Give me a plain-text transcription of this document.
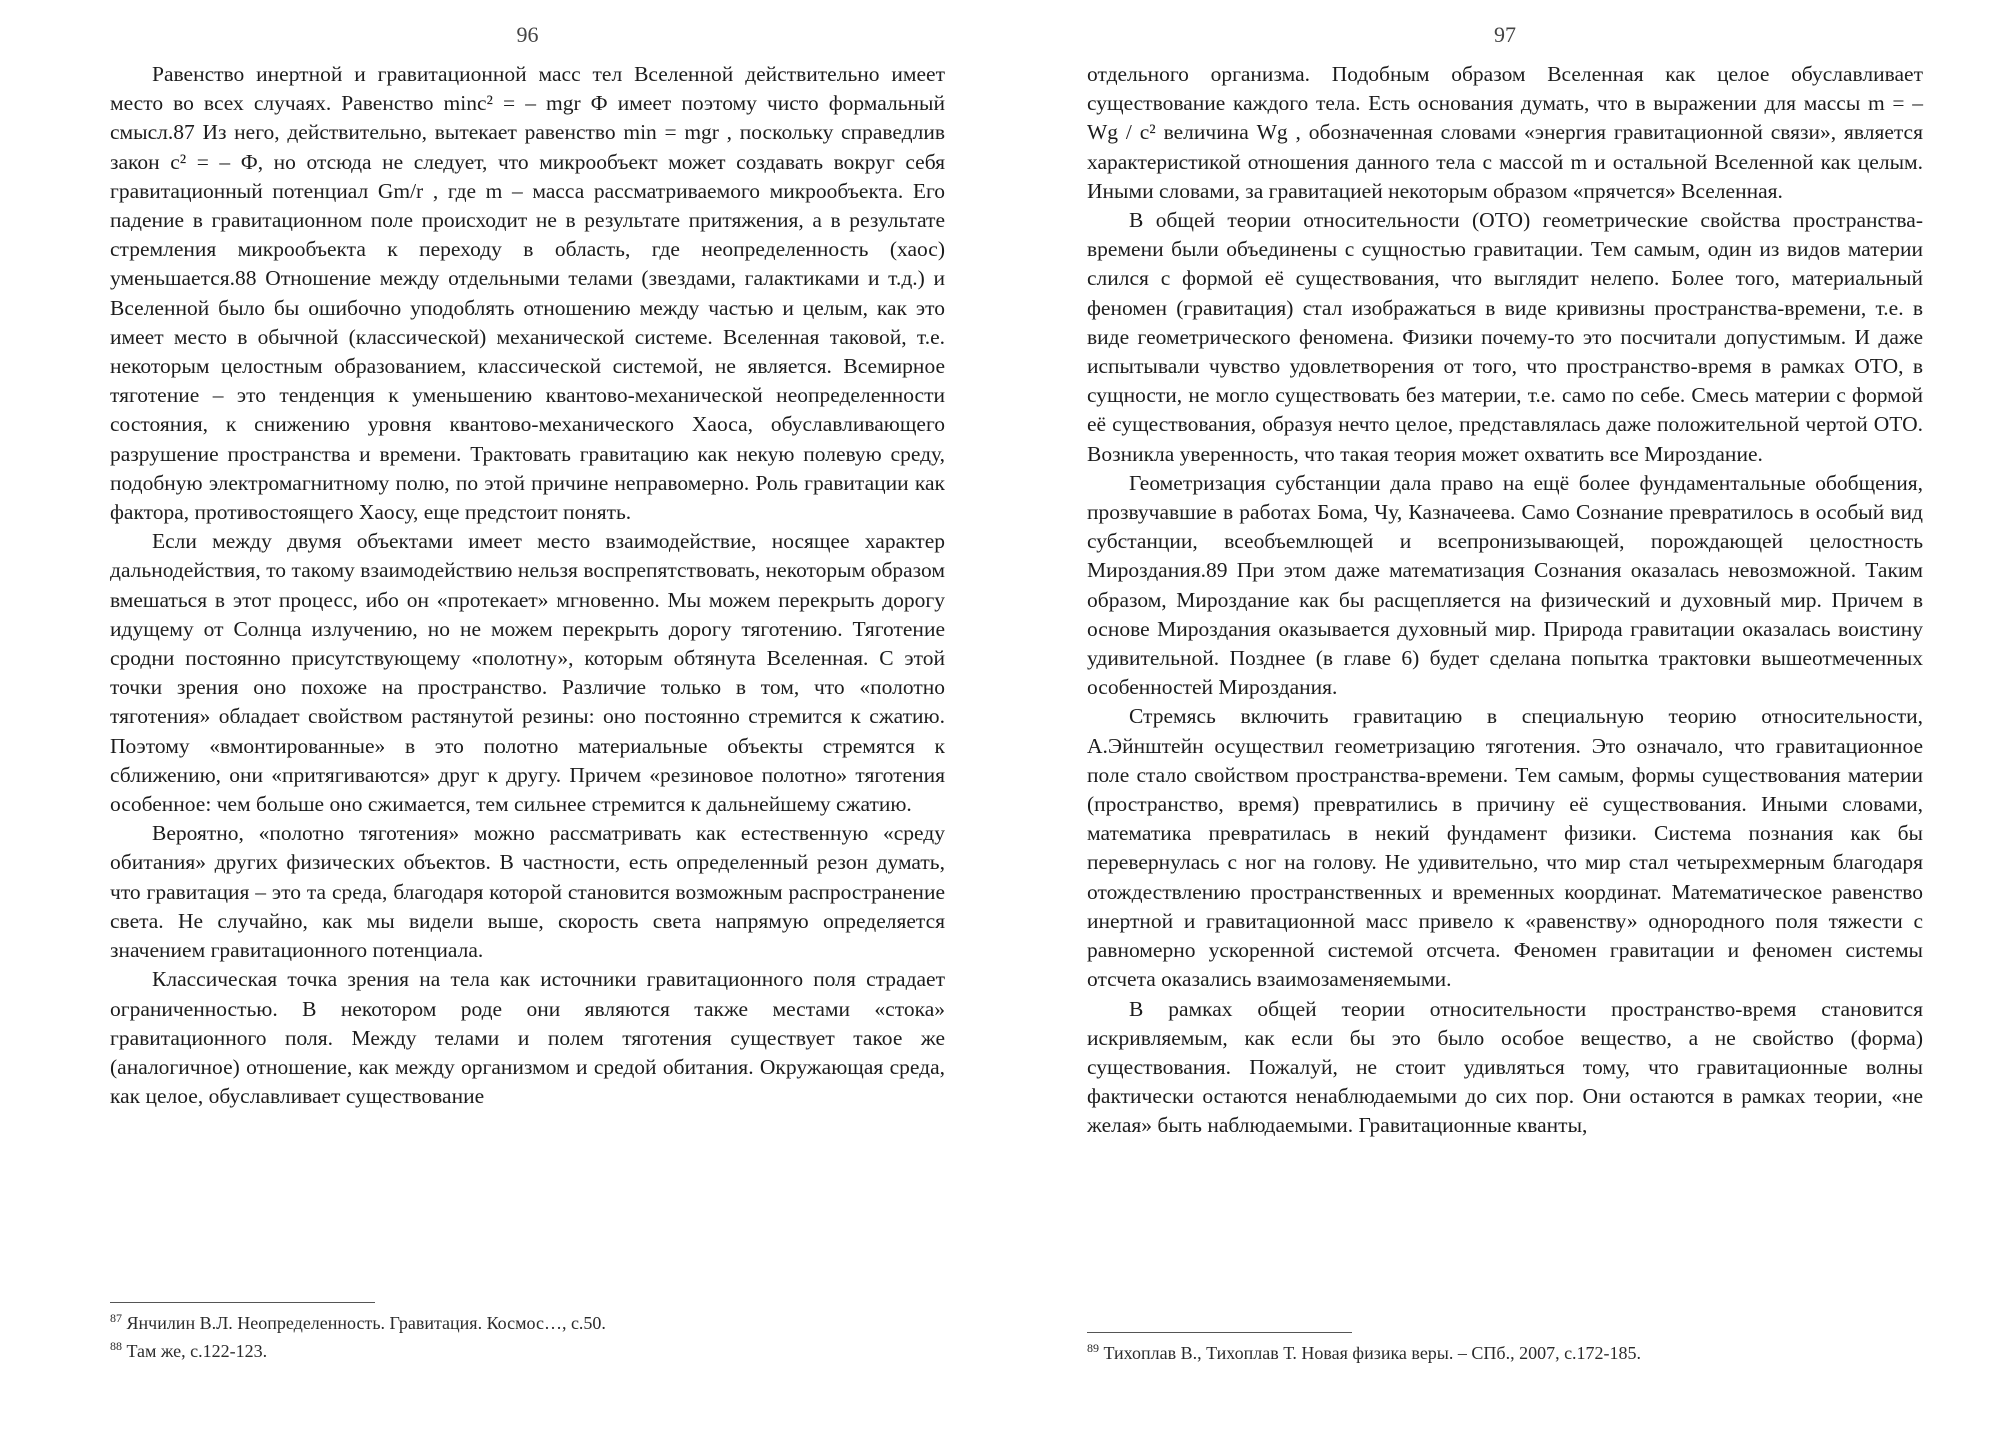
96

Равенство инертной и гравитационной масс тел Вселенной действительно имеет место во всех случаях. Равенство minc² = – mgr Ф имеет поэтому чисто формальный смысл.87 Из него, действительно, вытекает равенство min = mgr , поскольку справедлив закон c² = – Ф, но отсюда не следует, что микрообъект может создавать вокруг себя гравитационный потенциал Gm/r , где m – масса рассматриваемого микрообъекта. Его падение в гравитационном поле происходит не в результате притяжения, а в результате стремления микрообъекта к переходу в область, где неопределенность (хаос) уменьшается.88 Отношение между отдельными телами (звездами, галактиками и т.д.) и Вселенной было бы ошибочно уподоблять отношению между частью и целым, как это имеет место в обычной (классической) механической системе. Вселенная таковой, т.е. некоторым целостным образованием, классической системой, не является. Всемирное тяготение – это тенденция к уменьшению квантово-механической неопределенности состояния, к снижению уровня квантово-механического Хаоса, обуславливающего разрушение пространства и времени. Трактовать гравитацию как некую полевую среду, подобную электромагнитному полю, по этой причине неправомерно. Роль гравитации как фактора, противостоящего Хаосу, еще предстоит понять.

Если между двумя объектами имеет место взаимодействие, носящее характер дальнодействия, то такому взаимодействию нельзя воспрепятствовать, некоторым образом вмешаться в этот процесс, ибо он «протекает» мгновенно. Мы можем перекрыть дорогу идущему от Солнца излучению, но не можем перекрыть дорогу тяготению. Тяготение сродни постоянно присутствующему «полотну», которым обтянута Вселенная. С этой точки зрения оно похоже на пространство. Различие только в том, что «полотно тяготения» обладает свойством растянутой резины: оно постоянно стремится к сжатию. Поэтому «вмонтированные» в это полотно материальные объекты стремятся к сближению, они «притягиваются» друг к другу. Причем «резиновое полотно» тяготения особенное: чем больше оно сжимается, тем сильнее стремится к дальнейшему сжатию.

Вероятно, «полотно тяготения» можно рассматривать как естественную «среду обитания» других физических объектов. В частности, есть определенный резон думать, что гравитация – это та среда, благодаря которой становится возможным распространение света. Не случайно, как мы видели выше, скорость света напрямую определяется значением гравитационного потенциала.

Классическая точка зрения на тела как источники гравитационного поля страдает ограниченностью. В некотором роде они являются также местами «стока» гравитационного поля. Между телами и полем тяготения существует такое же (аналогичное) отношение, как между организмом и средой обитания. Окружающая среда, как целое, обуславливает существование

$^{87}$ Янчилин В.Л. Неопределенность. Гравитация. Космос…, с.50.

$^{88}$ Там же, с.122-123.

97

отдельного организма. Подобным образом Вселенная как целое обуславливает существование каждого тела. Есть основания думать, что в выражении для массы m = –Wg / c² величина Wg , обозначенная словами «энергия гравитационной связи», является характеристикой отношения данного тела с массой m и остальной Вселенной как целым. Иными словами, за гравитацией некоторым образом «прячется» Вселенная.

В общей теории относительности (ОТО) геометрические свойства пространства-времени были объединены с сущностью гравитации. Тем самым, один из видов материи слился с формой её существования, что выглядит нелепо. Более того, материальный феномен (гравитация) стал изображаться в виде кривизны пространства-времени, т.е. в виде геометрического феномена. Физики почему-то это посчитали допустимым. И даже испытывали чувство удовлетворения от того, что пространство-время в рамках ОТО, в сущности, не могло существовать без материи, т.е. само по себе. Смесь материи с формой её существования, образуя нечто целое, представлялась даже положительной чертой ОТО. Возникла уверенность, что такая теория может охватить все Мироздание.

Геометризация субстанции дала право на ещё более фундаментальные обобщения, прозвучавшие в работах Бома, Чу, Казначеева. Само Сознание превратилось в особый вид субстанции, всеобъемлющей и всепронизывающей, порождающей целостность Мироздания.89 При этом даже математизация Сознания оказалась невозможной. Таким образом, Мироздание как бы расщепляется на физический и духовный мир. Причем в основе Мироздания оказывается духовный мир. Природа гравитации оказалась воистину удивительной. Позднее (в главе 6) будет сделана попытка трактовки вышеотмеченных особенностей Мироздания.

Стремясь включить гравитацию в специальную теорию относительности, А.Эйнштейн осуществил геометризацию тяготения. Это означало, что гравитационное поле стало свойством пространства-времени. Тем самым, формы существования материи (пространство, время) превратились в причину её существования. Иными словами, математика превратилась в некий фундамент физики. Система познания как бы перевернулась с ног на голову. Не удивительно, что мир стал четырехмерным благодаря отождествлению пространственных и временных координат. Математическое равенство инертной и гравитационной масс привело к «равенству» однородного поля тяжести с равномерно ускоренной системой отсчета. Феномен гравитации и феномен системы отсчета оказались взаимозаменяемыми.

В рамках общей теории относительности пространство-время становится искривляемым, как если бы это было особое вещество, а не свойство (форма) существования. Пожалуй, не стоит удивляться тому, что гравитационные волны фактически остаются ненаблюдаемыми до сих пор. Они остаются в рамках теории, «не желая» быть наблюдаемыми. Гравитационные кванты,

$^{89}$ Тихоплав В., Тихоплав Т. Новая физика веры. – СПб., 2007, с.172-185.
